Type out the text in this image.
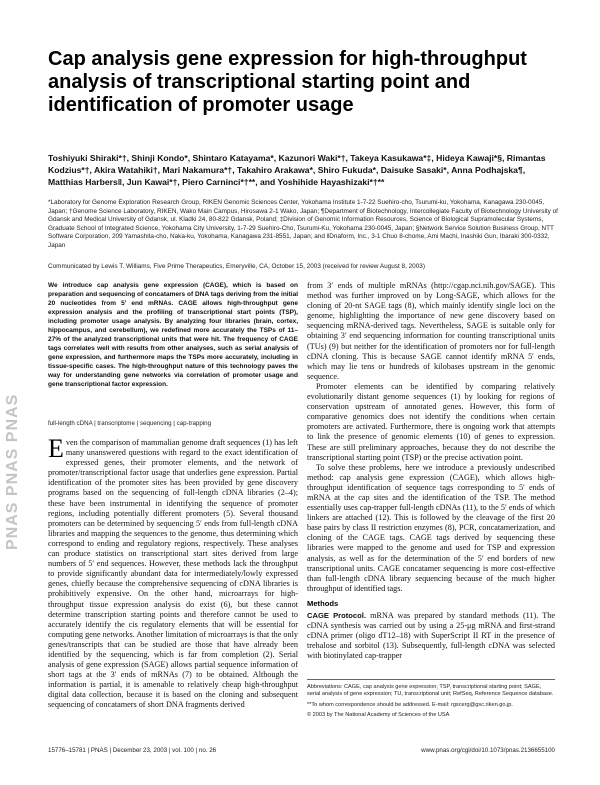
PNAS PNAS PNAS
Cap analysis gene expression for high-throughput analysis of transcriptional starting point and identification of promoter usage
Toshiyuki Shiraki*†, Shinji Kondo*, Shintaro Katayama*, Kazunori Waki*†, Takeya Kasukawa*‡, Hideya Kawaji*§, Rimantas Kodzius*†, Akira Watahiki†, Mari Nakamura*†, Takahiro Arakawa*, Shiro Fukuda*, Daisuke Sasaki*, Anna Podhajska¶, Matthias Harbers‖, Jun Kawai*†, Piero Carninci*†**, and Yoshihide Hayashizaki*†**
*Laboratory for Genome Exploration Research Group, RIKEN Genomic Sciences Center, Yokohama Institute 1-7-22 Suehiro-cho, Tsurumi-ku, Yokohama, Kanagawa 230-0045, Japan; †Genome Science Laboratory, RIKEN, Wako Main Campus, Hirosawa 2-1 Wako, Japan; ¶Department of Biotechnology, Intercollegiate Faculty of Biotechnology University of Gdansk and Medical University of Gdansk, ul. Kladki 24, 80-822 Gdansk, Poland; ‡Division of Genomic Information Resources, Science of Biological Supramolecular Systems, Graduate School of Integrated Science, Yokohama City University, 1-7-29 Suehiro-Cho, Tsurumi-Ku, Yokohama 230-0045, Japan; §Network Service Solution Business Group, NTT Software Corporation, 209 Yamashita-cho, Naka-ku, Yokohama, Kanagawa 231-8551, Japan; and ‖Dnaform, Inc., 3-1 Chuo 8-chome, Ami Machi, Inashiki Gun, Ibaraki 300-0332, Japan
Communicated by Lewis T. Williams, Five Prime Therapeutics, Emeryville, CA, October 15, 2003 (received for review August 8, 2003)
We introduce cap analysis gene expression (CAGE), which is based on preparation and sequencing of concatamers of DNA tags deriving from the initial 20 nucleotides from 5′ end mRNAs. CAGE allows high-throughput gene expression analysis and the profiling of transcriptional start points (TSP), including promoter usage analysis. By analyzing four libraries (brain, cortex, hippocampus, and cerebellum), we redefined more accurately the TSPs of 11–27% of the analyzed transcriptional units that were hit. The frequency of CAGE tags correlates well with results from other analyses, such as serial analysis of gene expression, and furthermore maps the TSPs more accurately, including in tissue-specific cases. The high-throughput nature of this technology paves the way for understanding gene networks via correlation of promoter usage and gene transcriptional factor expression.
full-length cDNA | transcriptome | sequencing | cap-trapping

Even the comparison of mammalian genome draft sequences (1) has left many unanswered questions with regard to the exact identification of expressed genes, their promoter elements, and the network of promoter/transcriptional factor usage that underlies gene expression. Partial identification of the promoter sites has been provided by gene discovery programs based on the sequencing of full-length cDNA libraries (2–4); these have been instrumental in identifying the sequence of promoter regions, including potentially different promoters (5). Several thousand promoters can be determined by sequencing 5′ ends from full-length cDNA libraries and mapping the sequences to the genome, thus determining which correspond to ending and regulatory regions, respectively. These analyses can produce statistics on transcriptional start sites derived from large numbers of 5′ end sequences. However, these methods lack the throughput to provide significantly abundant data for intermediately/lowly expressed genes, chiefly because the comprehensive sequencing of cDNA libraries is prohibitively expensive. On the other hand, microarrays for high-throughput tissue expression analysis do exist (6), but these cannot determine transcription starting points and therefore cannot be used to accurately identify the cis regulatory elements that will be essential for computing gene networks. Another limitation of microarrays is that the only genes/transcripts that can be studied are those that have already been identified by the sequencing, which is far from completion (2). Serial analysis of gene expression (SAGE) allows partial sequence information of short tags at the 3′ ends of mRNAs (7) to be obtained. Although the information is partial, it is amenable to relatively cheap high-throughput digital data collection, because it is based on the cloning and subsequent sequencing of concatamers of short DNA fragments derived

from 3′ ends of multiple mRNAs (http://cgap.nci.nih.gov/SAGE). This method was further improved on by Long-SAGE, which allows for the cloning of 20-nt SAGE tags (8), which mainly identify single loci on the genome, highlighting the importance of new gene discovery based on sequencing mRNA-derived tags. Nevertheless, SAGE is suitable only for obtaining 3′ end sequencing information for counting transcriptional units (TUs) (9) but neither for the identification of promoters nor for full-length cDNA cloning. This is because SAGE cannot identify mRNA 5′ ends, which may lie tens or hundreds of kilobases upstream in the genomic sequence.

Promoter elements can be identified by comparing relatively evolutionarily distant genome sequences (1) by looking for regions of conservation upstream of annotated genes. However, this form of comparative genomics does not identify the conditions when certain promoters are activated. Furthermore, there is ongoing work that attempts to link the presence of genomic elements (10) of genes to expression. These are still preliminary approaches, because they do not describe the transcriptional starting point (TSP) or the precise activation point.

To solve these problems, here we introduce a previously undescribed method: cap analysis gene expression (CAGE), which allows high-throughput identification of sequence tags corresponding to 5′ ends of mRNA at the cap sites and the identification of the TSP. The method essentially uses cap-trapper full-length cDNAs (11), to the 5′ ends of which linkers are attached (12). This is followed by the cleavage of the first 20 base pairs by class II restriction enzymes (8), PCR, concatamerization, and cloning of the CAGE tags. CAGE tags derived by sequencing these libraries were mapped to the genome and used for TSP and expression analysis, as well as for the determination of the 5′ end borders of new transcriptional units. CAGE concatamer sequencing is more cost-effective than full-length cDNA library sequencing because of the much higher throughput of identified tags.

Methods

CAGE Protocol. mRNA was prepared by standard methods (11). The cDNA synthesis was carried out by using a 25-μg mRNA and first-strand cDNA primer (oligo dT12–18) with SuperScript II RT in the presence of trehalose and sorbitol (13). Subsequently, full-length cDNA was selected with biotinylated cap-trapper

Abbreviations: CAGE, cap analysis gene expression; TSP, transcriptional starting point; SAGE, serial analysis of gene expression; TU, transcriptional unit; RefSeq, Reference Sequence database.
**To whom correspondence should be addressed. E-mail: rgscerg@gsc.riken.go.jp.
© 2003 by The National Academy of Sciences of the USA
15776–15781 | PNAS | December 23, 2003 | vol. 100 | no. 26	www.pnas.org/cgi/doi/10.1073/pnas.2136655100
